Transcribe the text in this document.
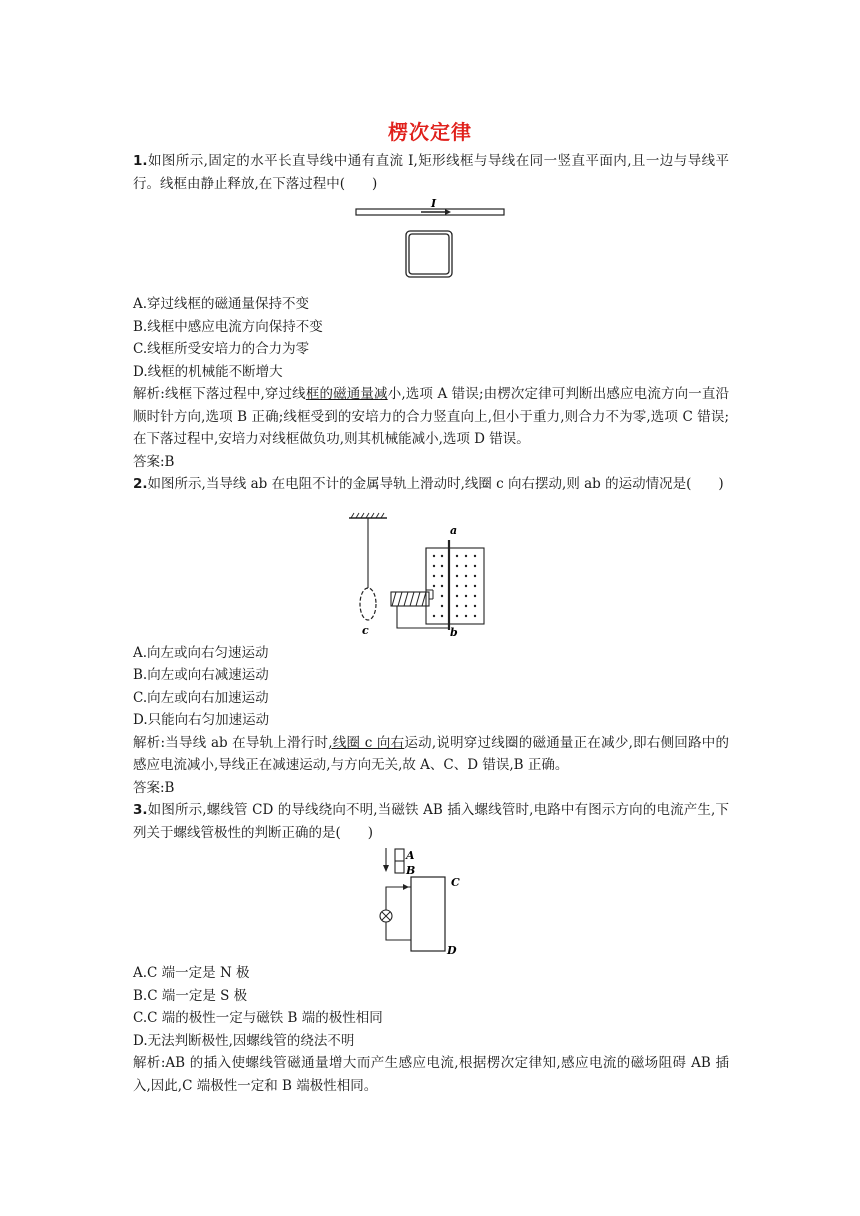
楞次定律

1.如图所示,固定的水平长直导线中通有直流 I,矩形线框与导线在同一竖直平面内,且一边与导线平行。线框由静止释放,在下落过程中(　　)

I

A.穿过线框的磁通量保持不变

B.线框中感应电流方向保持不变

C.线框所受安培力的合力为零

D.线框的机械能不断增大

解析:线框下落过程中,穿过线框的磁通量减小,选项 A 错误;由楞次定律可判断出感应电流方向一直沿顺时针方向,选项 B 正确;线框受到的安培力的合力竖直向上,但小于重力,则合力不为零,选项 C 错误;在下落过程中,安培力对线框做负功,则其机械能减小,选项 D 错误。

答案:B

2.如图所示,当导线 ab 在电阻不计的金属导轨上滑动时,线圈 c 向右摆动,则 ab 的运动情况是(　　)

c
a
b

A.向左或向右匀速运动

B.向左或向右减速运动

C.向左或向右加速运动

D.只能向右匀加速运动

解析:当导线 ab 在导轨上滑行时,线圈 c 向右运动,说明穿过线圈的磁通量正在减少,即右侧回路中的感应电流减小,导线正在减速运动,与方向无关,故 A、C、D 错误,B 正确。

答案:B

3.如图所示,螺线管 CD 的导线绕向不明,当磁铁 AB 插入螺线管时,电路中有图示方向的电流产生,下列关于螺线管极性的判断正确的是(　　)

A
B
C
D

A.C 端一定是 N 极

B.C 端一定是 S 极

C.C 端的极性一定与磁铁 B 端的极性相同

D.无法判断极性,因螺线管的绕法不明

解析:AB 的插入使螺线管磁通量增大而产生感应电流,根据楞次定律知,感应电流的磁场阻碍 AB 插入,因此,C 端极性一定和 B 端极性相同。
